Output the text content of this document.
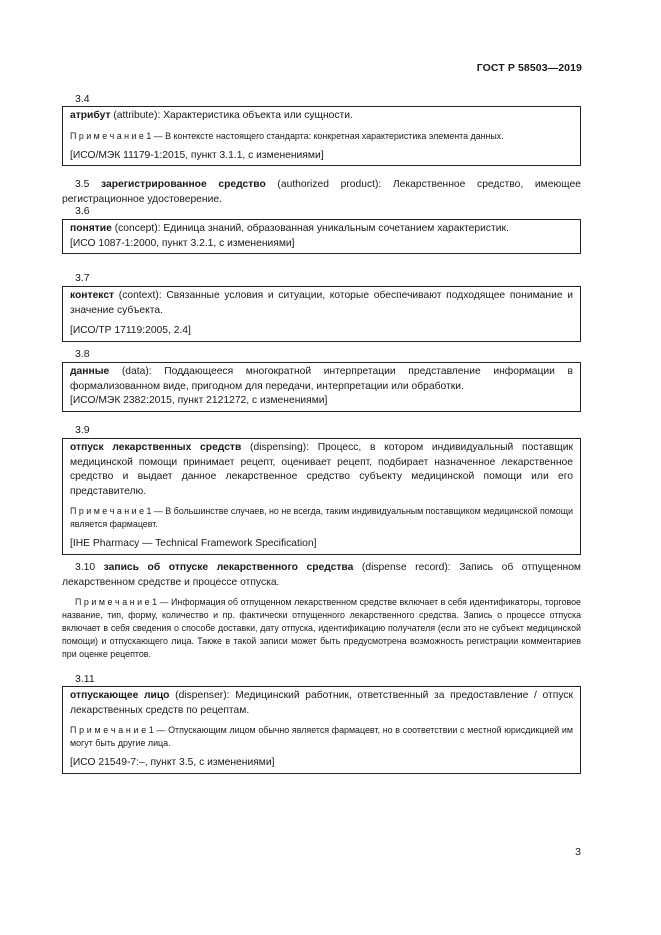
ГОСТ Р 58503—2019
3.4

атрибут (attribute): Характеристика объекта или сущности.

П р и м е ч а н и е 1 — В контексте настоящего стандарта: конкретная характеристика элемента данных.

[ИСО/МЭК 11179-1:2015, пункт 3.1.1, с изменениями]

3.5 зарегистрированное средство (authorized product): Лекарственное средство, имеющее регистрационное удостоверение.

3.6

понятие (concept): Единица знаний, образованная уникальным сочетанием характеристик.

[ИСО 1087-1:2000, пункт 3.2.1, с изменениями]

3.7

контекст (context): Связанные условия и ситуации, которые обеспечивают подходящее понимание и значение субъекта.

[ИСО/ТР 17119:2005, 2.4]

3.8

данные (data): Поддающееся многократной интерпретации представление информации в формализованном виде, пригодном для передачи, интерпретации или обработки.

[ИСО/МЭК 2382:2015, пункт 2121272, с изменениями]

3.9

отпуск лекарственных средств (dispensing): Процесс, в котором индивидуальный поставщик медицинской помощи принимает рецепт, оценивает рецепт, подбирает назначенное лекарственное средство и выдает данное лекарственное средство субъекту медицинской помощи или его представителю.

П р и м е ч а н и е 1 — В большинстве случаев, но не всегда, таким индивидуальным поставщиком медицинской помощи является фармацевт.

[IHE Pharmacy — Technical Framework Specification]

3.10 запись об отпуске лекарственного средства (dispense record): Запись об отпущенном лекарственном средстве и процессе отпуска.

П р и м е ч а н и е 1 — Информация об отпущенном лекарственном средстве включает в себя идентификаторы, торговое название, тип, форму, количество и пр. фактически отпущенного лекарственного средства. Запись о процессе отпуска включает в себя сведения о способе доставки, дату отпуска, идентификацию получателя (если это не субъект медицинской помощи) и отпускающего лица. Также в такой записи может быть предусмотрена возможность регистрации комментариев при оценке рецептов.

3.11

отпускающее лицо (dispenser): Медицинский работник, ответственный за предоставление / отпуск лекарственных средств по рецептам.

П р и м е ч а н и е 1 — Отпускающим лицом обычно является фармацевт, но в соответствии с местной юрисдикцией им могут быть другие лица.

[ИСО 21549-7:–, пункт 3.5, с изменениями]

3
